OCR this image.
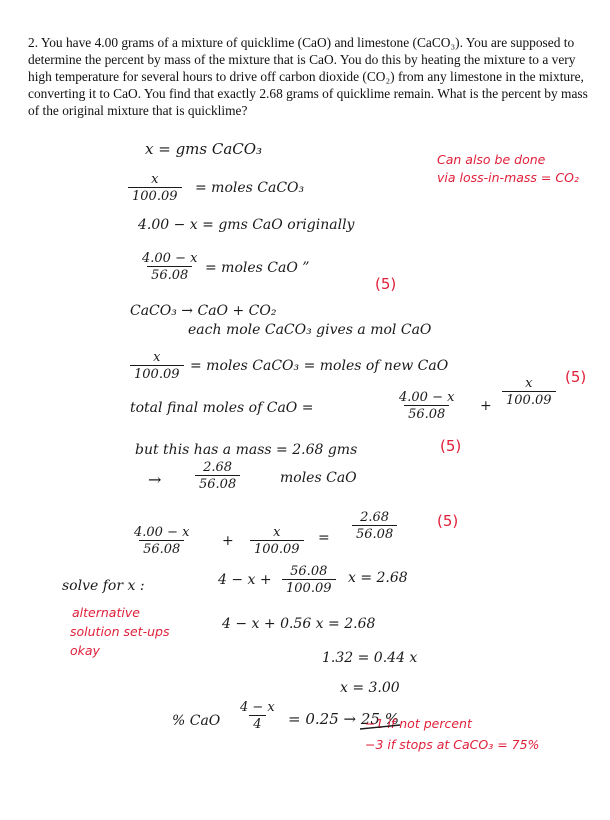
2. You have 4.00 grams of a mixture of quicklime (CaO) and limestone (CaCO₃). You are supposed to determine the percent by mass of the mixture that is CaO. You do this by heating the mixture to a very high temperature for several hours to drive off carbon dioxide (CO₂) from any limestone in the mixture, converting it to CaO. You find that exactly 2.68 grams of quicklime remain. What is the percent by mass of the original mixture that is quicklime?

x = gms CaCO₃
$\frac{x}{100.09}$ = moles CaCO₃
4.00 − x = gms CaO originally
$\frac{4.00 - x}{56.08}$ = moles CaO ”
CaCO₃ → CaO + CO₂
each mole CaCO₃ gives a mol CaO
$\frac{x}{100.09}$ = moles CaCO₃ = moles of new CaO
total final moles of CaO =	$\frac{4.00 - x}{56.08} + \frac{x}{100.09}$
but this has a mass = 2.68 gms
→	$\frac{2.68}{56.08}$	moles CaO
$\frac{4.00 - x}{56.08} + \frac{x}{100.09} = \frac{2.68}{56.08}$
solve for x :	$4 - x + \frac{56.08}{100.09}$ x = 2.68
4 − x + 0.56 x = 2.68
1.32 = 0.44 x
x = 3.00
% CaO $\frac{4 - x}{4} = 0.25 \to 25$ %
Can also be done
via loss-in-mass = CO₂
(5)
(5)
(5)
(5)
alternative
solution set-ups
okay
−1 if not percent
−3 if stops at CaCO₃ = 75%
